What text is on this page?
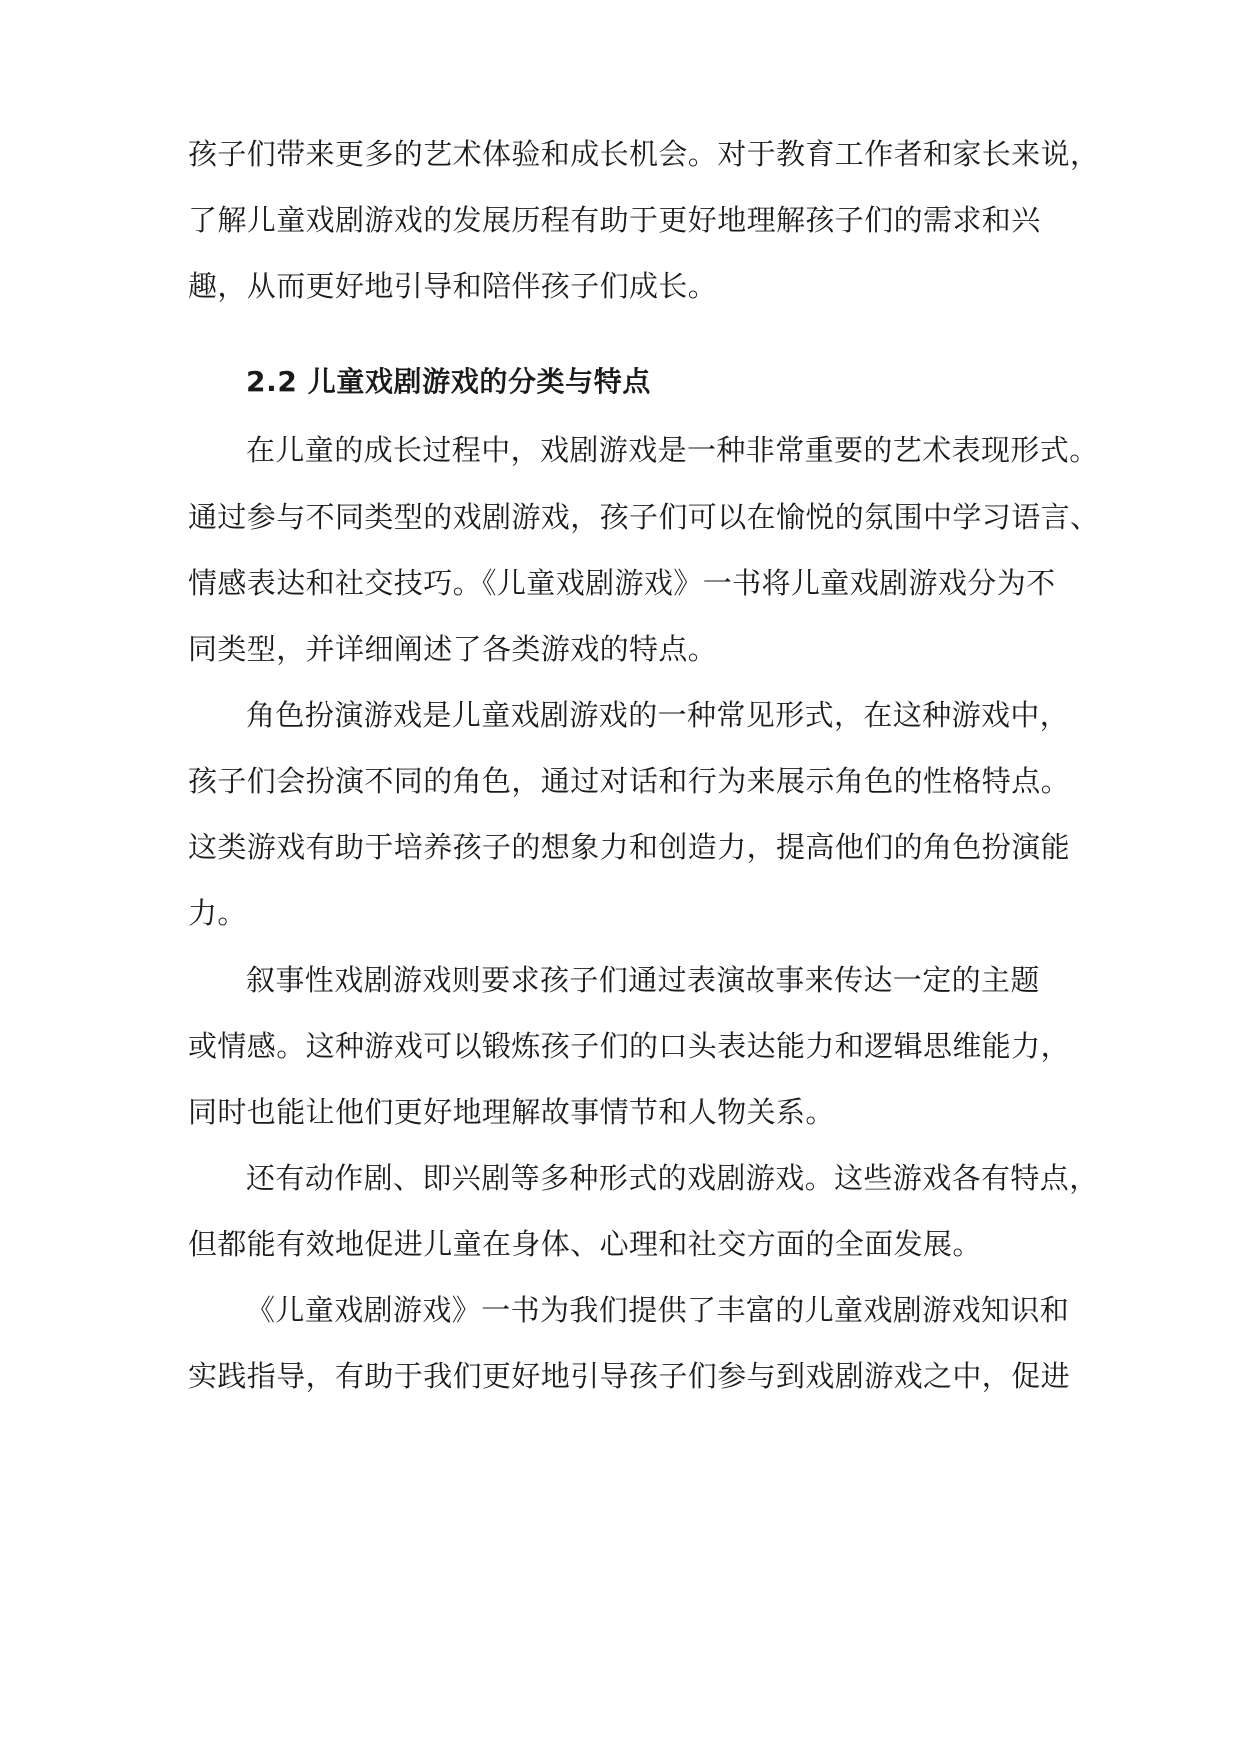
孩子们带来更多的艺术体验和成长机会。对于教育工作者和家长来说，
了解儿童戏剧游戏的发展历程有助于更好地理解孩子们的需求和兴
趣，从而更好地引导和陪伴孩子们成长。
2.2 儿童戏剧游戏的分类与特点
在儿童的成长过程中，戏剧游戏是一种非常重要的艺术表现形式。
通过参与不同类型的戏剧游戏，孩子们可以在愉悦的氛围中学习语言、
情感表达和社交技巧。《儿童戏剧游戏》一书将儿童戏剧游戏分为不
同类型，并详细阐述了各类游戏的特点。
角色扮演游戏是儿童戏剧游戏的一种常见形式，在这种游戏中，
孩子们会扮演不同的角色，通过对话和行为来展示角色的性格特点。
这类游戏有助于培养孩子的想象力和创造力，提高他们的角色扮演能
力。
叙事性戏剧游戏则要求孩子们通过表演故事来传达一定的主题
或情感。这种游戏可以锻炼孩子们的口头表达能力和逻辑思维能力，
同时也能让他们更好地理解故事情节和人物关系。
还有动作剧、即兴剧等多种形式的戏剧游戏。这些游戏各有特点，
但都能有效地促进儿童在身体、心理和社交方面的全面发展。
《儿童戏剧游戏》一书为我们提供了丰富的儿童戏剧游戏知识和
实践指导，有助于我们更好地引导孩子们参与到戏剧游戏之中，促进
